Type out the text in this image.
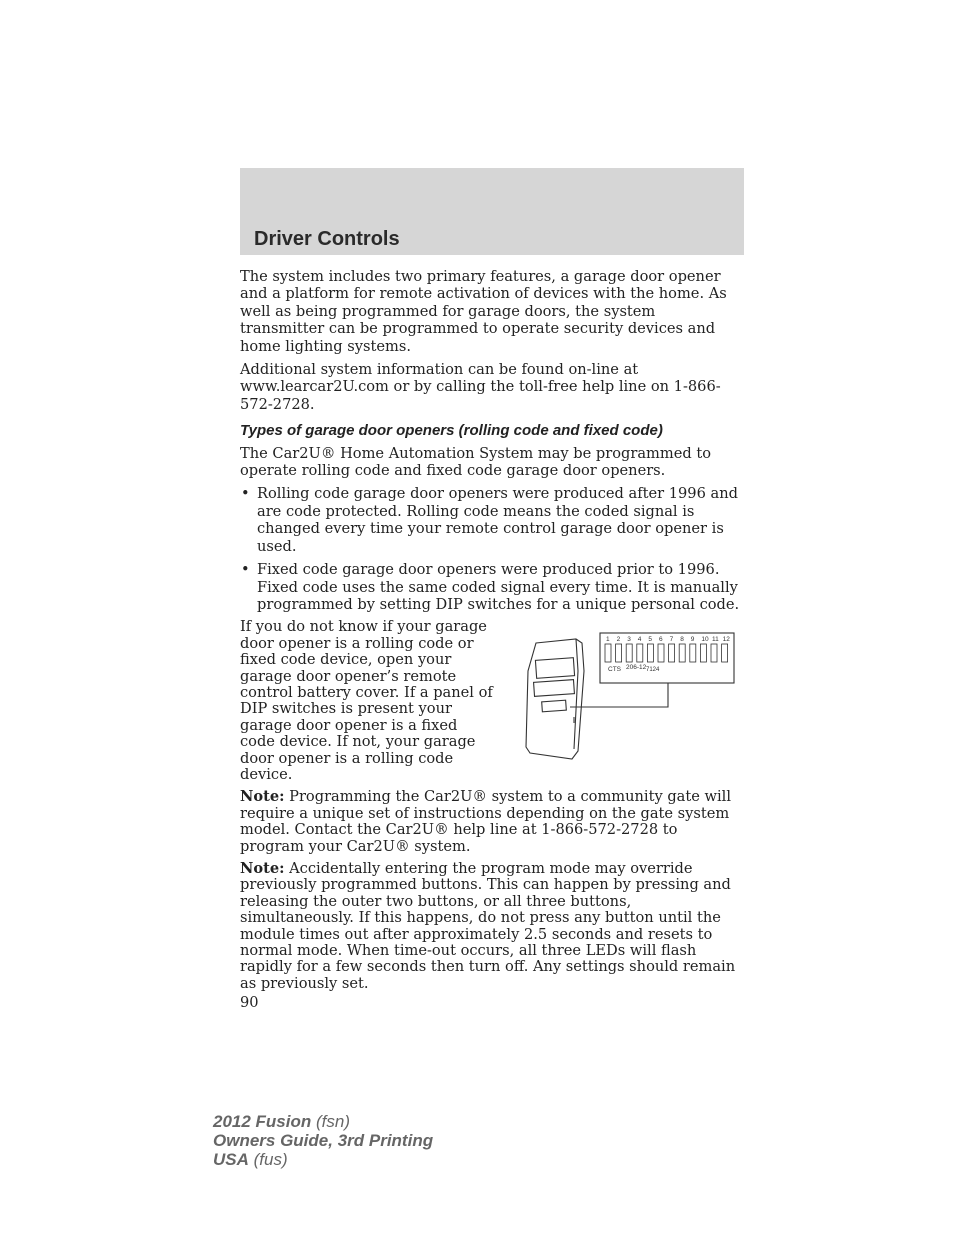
Driver Controls

The system includes two primary features, a garage door opener and a platform for remote activation of devices with the home. As well as being programmed for garage doors, the system transmitter can be programmed to operate security devices and home lighting systems.

Additional system information can be found on-line at www.learcar2U.com or by calling the toll-free help line on 1-866-572-2728.

Types of garage door openers (rolling code and fixed code)

The Car2U® Home Automation System may be programmed to operate rolling code and fixed code garage door openers.

• Rolling code garage door openers were produced after 1996 and are code protected. Rolling code means the coded signal is changed every time your remote control garage door opener is used.
• Fixed code garage door openers were produced prior to 1996. Fixed code uses the same coded signal every time. It is manually programmed by setting DIP switches for a unique personal code.
If you do not know if your garage door opener is a rolling code or fixed code device, open your garage door opener’s remote control battery cover. If a panel of DIP switches is present your garage door opener is a fixed code device. If not, your garage door opener is a rolling code device.
1 2 3 4 5 6 7 8 9 10 11 12
CTS 206-12 7124

Note: Programming the Car2U® system to a community gate will require a unique set of instructions depending on the gate system model. Contact the Car2U® help line at 1-866-572-2728 to program your Car2U® system.

Note: Accidentally entering the program mode may override previously programmed buttons. This can happen by pressing and releasing the outer two buttons, or all three buttons, simultaneously. If this happens, do not press any button until the module times out after approximately 2.5 seconds and resets to normal mode. When time-out occurs, all three LEDs will flash rapidly for a few seconds then turn off. Any settings should remain as previously set.

90
2012 Fusion (fsn)
Owners Guide, 3rd Printing
USA (fus)
